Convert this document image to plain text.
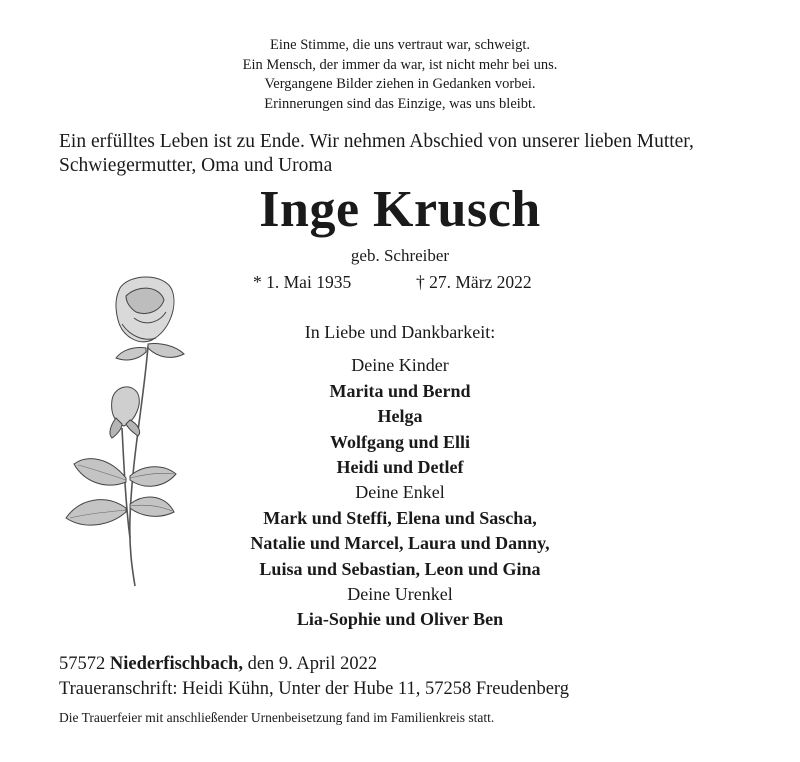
Eine Stimme, die uns vertraut war, schweigt.
Ein Mensch, der immer da war, ist nicht mehr bei uns.
Vergangene Bilder ziehen in Gedanken vorbei.
Erinnerungen sind das Einzige, was uns bleibt.
Ein erfülltes Leben ist zu Ende. Wir nehmen Abschied von unserer lieben Mutter,
Schwiegermutter, Oma und Uroma
Inge Krusch
geb. Schreiber
* 1. Mai 1935	† 27. März 2022
In Liebe und Dankbarkeit:
Deine Kinder
Marita und Bernd
Helga
Wolfgang und Elli
Heidi und Detlef
Deine Enkel
Mark und Steffi, Elena und Sascha,
Natalie und Marcel, Laura und Danny,
Luisa und Sebastian, Leon und Gina
Deine Urenkel
Lia-Sophie und Oliver Ben
57572 Niederfischbach, den 9. April 2022
Traueranschrift: Heidi Kühn, Unter der Hube 11, 57258 Freudenberg
Die Trauerfeier mit anschließender Urnenbeisetzung fand im Familienkreis statt.
